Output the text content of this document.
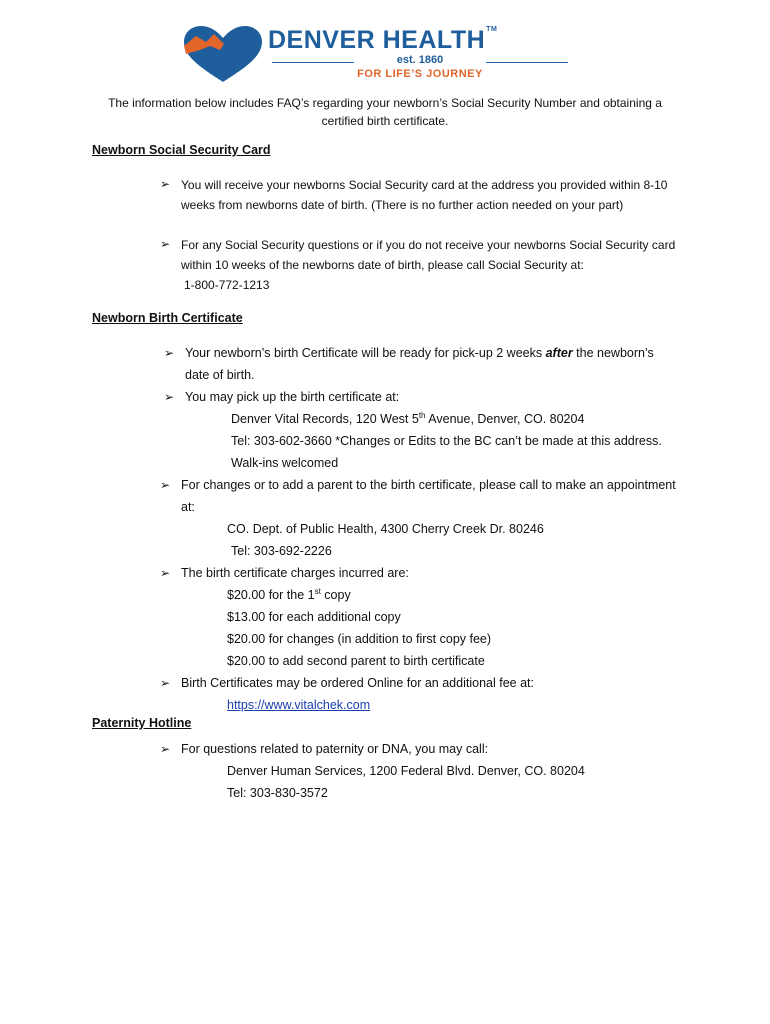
DENVER HEALTH™
est. 1860
FOR LIFE’S JOURNEY
The information below includes FAQ’s regarding your newborn’s Social Security Number and obtaining a certified birth certificate.
Newborn Social Security Card
➢ You will receive your newborns Social Security card at the address you provided within 8-10 weeks from newborns date of birth. (There is no further action needed on your part)
➢ For any Social Security questions or if you do not receive your newborns Social Security card within 10 weeks of the newborns date of birth, please call Social Security at:
1-800-772-1213
Newborn Birth Certificate
➢ Your newborn’s birth Certificate will be ready for pick-up 2 weeks after the newborn’s date of birth.
➢ You may pick up the birth certificate at:
Denver Vital Records, 120 West 5th Avenue, Denver, CO. 80204
Tel: 303-602-3660 *Changes or Edits to the BC can’t be made at this address. Walk-ins welcomed
➢ For changes or to add a parent to the birth certificate, please call to make an appointment at:
CO. Dept. of Public Health, 4300 Cherry Creek Dr. 80246
Tel: 303-692-2226
➢ The birth certificate charges incurred are:
$20.00 for the 1st copy
$13.00 for each additional copy
$20.00 for changes (in addition to first copy fee)
$20.00 to add second parent to birth certificate
➢ Birth Certificates may be ordered Online for an additional fee at:
https://www.vitalchek.com
Paternity Hotline
➢ For questions related to paternity or DNA, you may call:
Denver Human Services, 1200 Federal Blvd. Denver, CO. 80204
Tel: 303-830-3572
